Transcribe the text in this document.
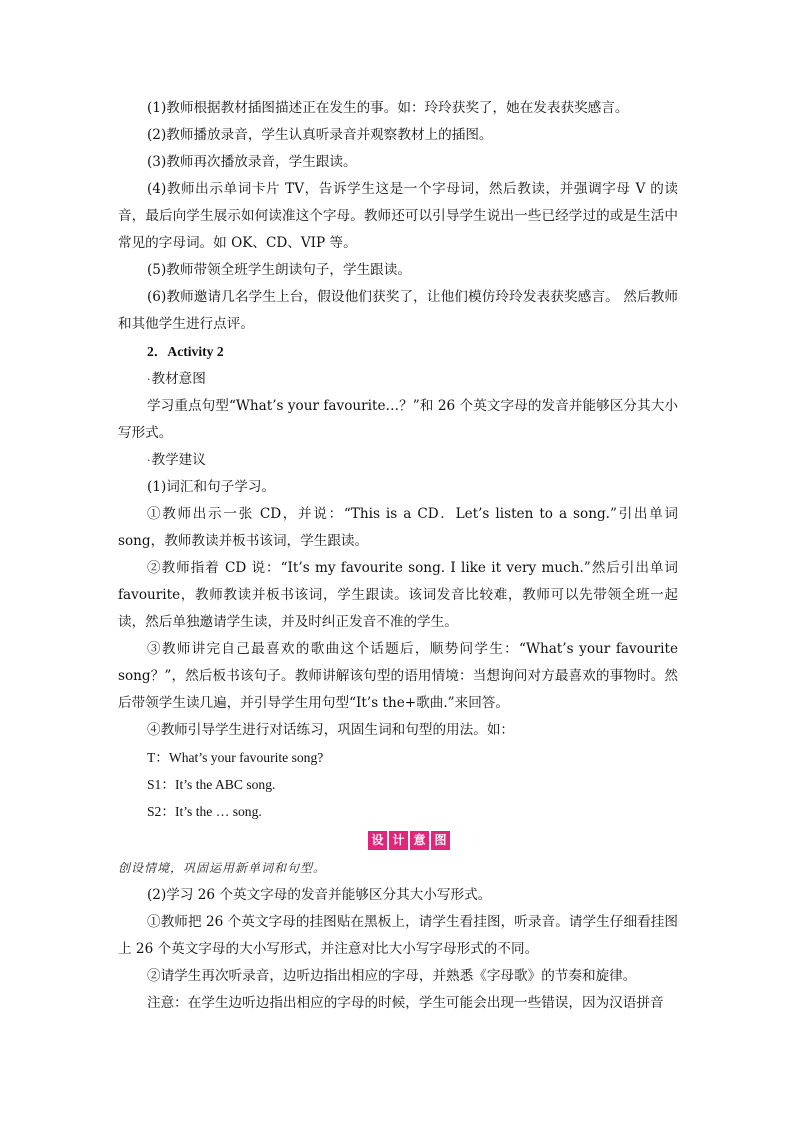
(1)教师根据教材插图描述正在发生的事。如：玲玲获奖了，她在发表获奖感言。

(2)教师播放录音，学生认真听录音并观察教材上的插图。

(3)教师再次播放录音，学生跟读。

(4)教师出示单词卡片 TV，告诉学生这是一个字母词，然后教读，并强调字母 V 的读音，最后向学生展示如何读准这个字母。教师还可以引导学生说出一些已经学过的或是生活中常见的字母词。如 OK、CD、VIP 等。

(5)教师带领全班学生朗读句子，学生跟读。

(6)教师邀请几名学生上台，假设他们获奖了，让他们模仿玲玲发表获奖感言。 然后教师和其他学生进行点评。

2．Activity 2

·教材意图

学习重点句型“What’s your favourite…？”和 26 个英文字母的发音并能够区分其大小写形式。

·教学建议

(1)词汇和句子学习。

①教师出示一张 CD，并说：“This is a CD．Let’s listen to a song.”引出单词 song，教师教读并板书该词，学生跟读。

②教师指着 CD 说：“It’s my favourite song. I like it very much.”然后引出单词 favourite，教师教读并板书该词，学生跟读。该词发音比较难，教师可以先带领全班一起读，然后单独邀请学生读，并及时纠正发音不准的学生。

③教师讲完自己最喜欢的歌曲这个话题后，顺势问学生：“What’s your favourite song？”，然后板书该句子。教师讲解该句型的语用情境：当想询问对方最喜欢的事物时。然后带领学生读几遍，并引导学生用句型“It’s the+歌曲.”来回答。

④教师引导学生进行对话练习，巩固生词和句型的用法。如：

T：What’s your favourite song?

S1：It’s the ABC song.

S2：It’s the … song.

设 计 意 图

创设情境，巩固运用新单词和句型。

(2)学习 26 个英文字母的发音并能够区分其大小写形式。

①教师把 26 个英文字母的挂图贴在黑板上，请学生看挂图，听录音。请学生仔细看挂图上 26 个英文字母的大小写形式，并注意对比大小写字母形式的不同。

②请学生再次听录音，边听边指出相应的字母，并熟悉《字母歌》的节奏和旋律。

注意：在学生边听边指出相应的字母的时候，学生可能会出现一些错误，因为汉语拼音
